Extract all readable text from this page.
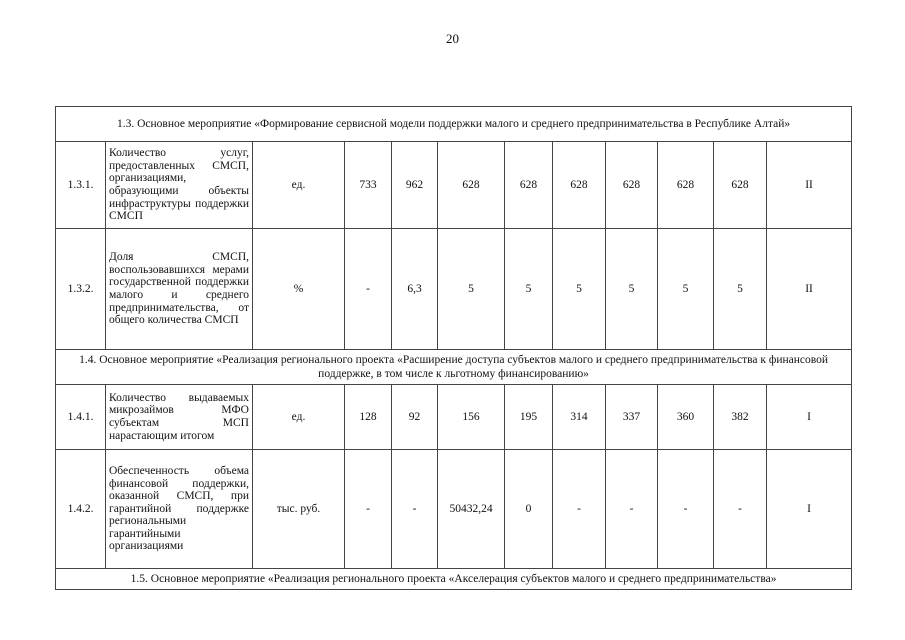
20
1.3. Основное мероприятие «Формирование сервисной модели поддержки малого и среднего предпринимательства в Республике Алтай»											
1.3.1.	Количество услуг, предоставленных СМСП, организациями, образующими объекты инфраструктуры поддержки СМСП	ед.	733	962	628	628	628	628	628	628	II
1.3.2.	Доля СМСП, воспользовавшихся мерами государственной поддержки малого и среднего предпринимательства, от общего количества СМСП	%	-	6,3	5	5	5	5	5	5	II
1.4. Основное мероприятие «Реализация регионального проекта «Расширение доступа субъектов малого и среднего предпринимательства к финансовой поддержке, в том числе к льготному финансированию»											
1.4.1.	Количество выдаваемых микрозаймов МФО субъектам МСП нарастающим итогом	ед.	128	92	156	195	314	337	360	382	I
1.4.2.	Обеспеченность объема финансовой поддержки, оказанной СМСП, при гарантийной поддержке региональными гарантийными организациями	тыс. руб.	-	-	50432,24	0	-	-	-	-	I
1.5. Основное мероприятие «Реализация регионального проекта «Акселерация субъектов малого и среднего предпринимательства»											
